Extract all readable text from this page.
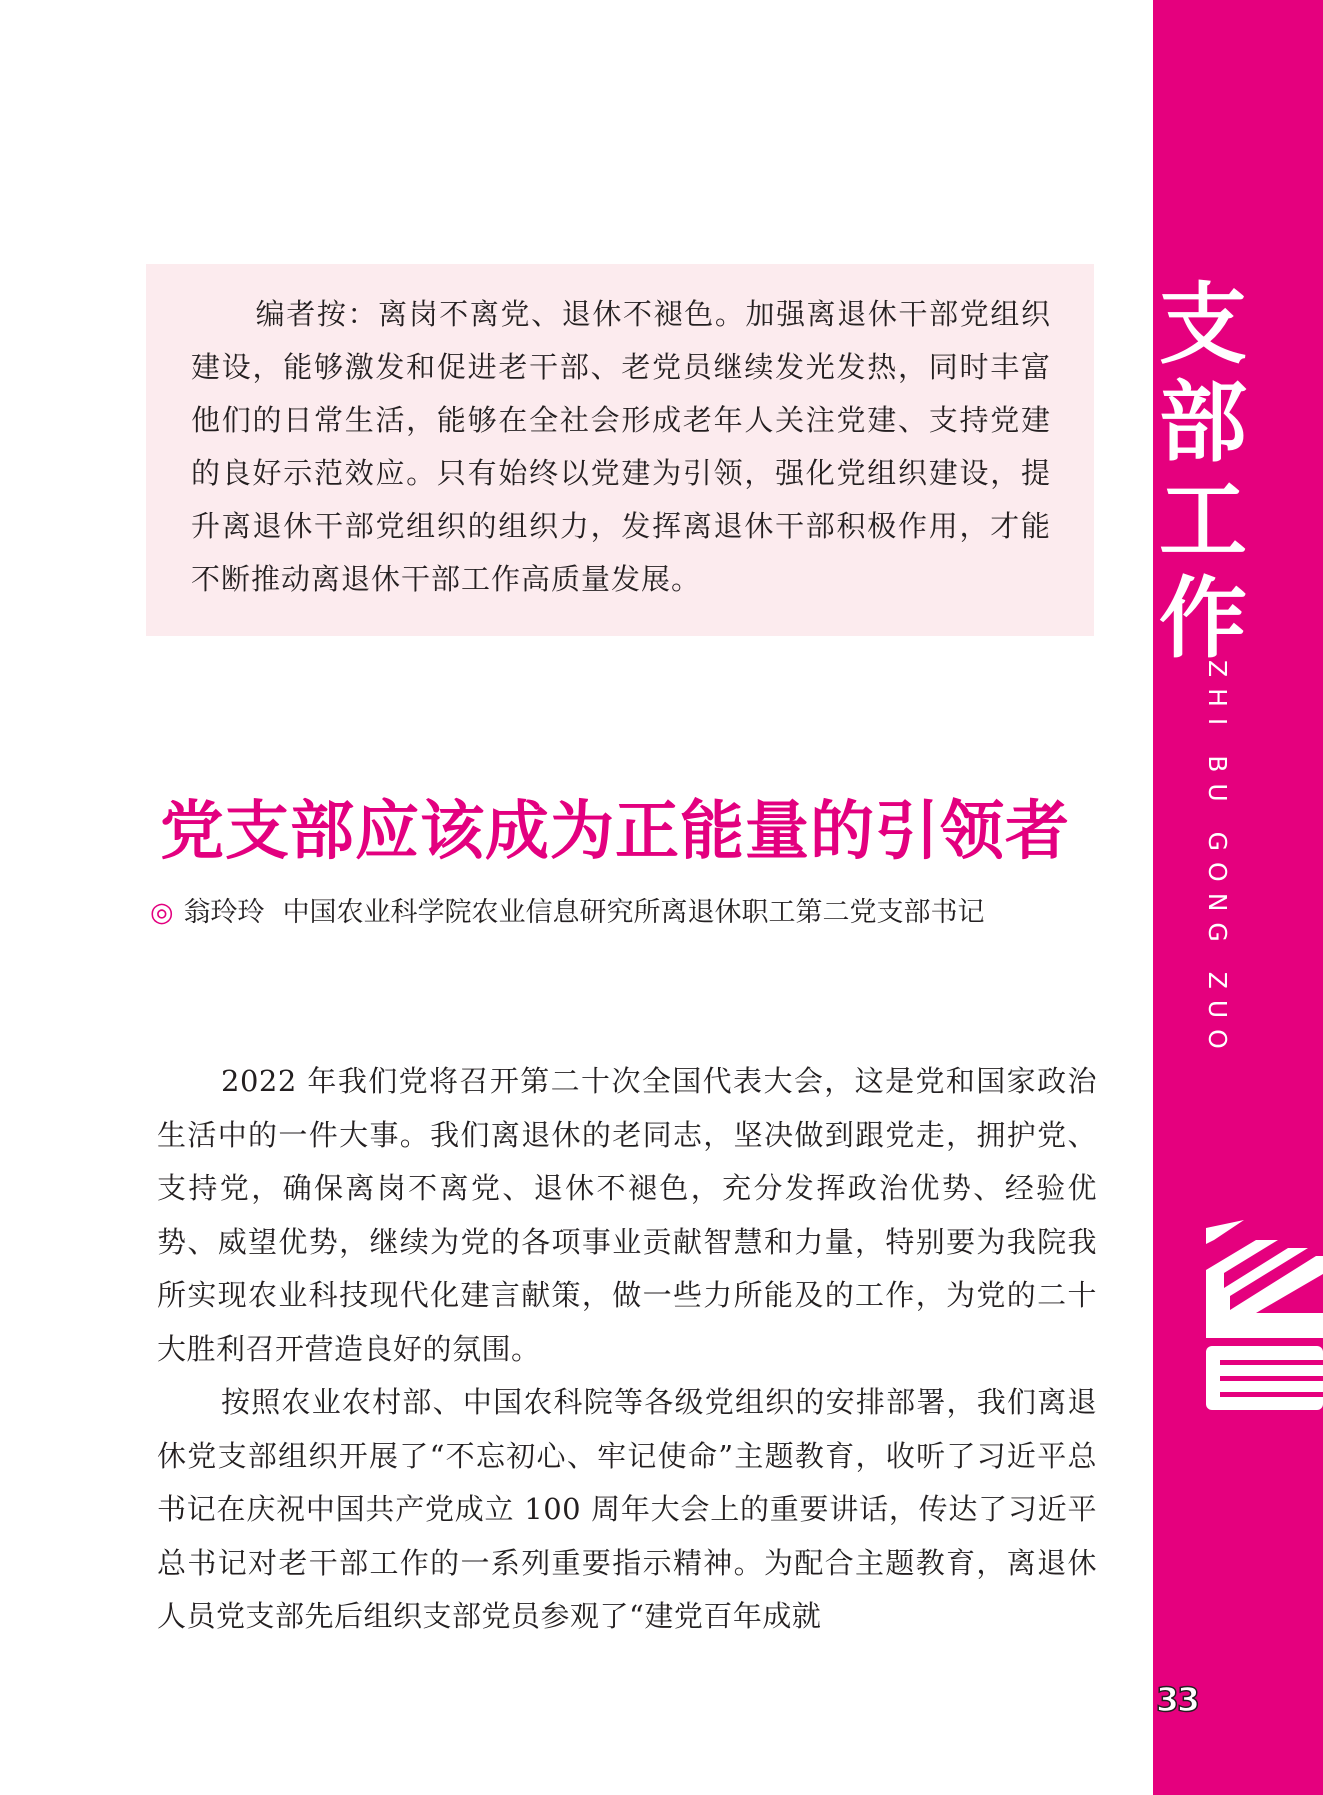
编者按：离岗不离党、退休不褪色。加强离退休干部党组织建设，能够激发和促进老干部、老党员继续发光发热，同时丰富他们的日常生活，能够在全社会形成老年人关注党建、支持党建的良好示范效应。只有始终以党建为引领，强化党组织建设，提升离退休干部党组织的组织力，发挥离退休干部积极作用，才能不断推动离退休干部工作高质量发展。

党支部应该成为正能量的引领者

◎ 翁玲玲 中国农业科学院农业信息研究所离退休职工第二党支部书记

2022 年我们党将召开第二十次全国代表大会，这是党和国家政治生活中的一件大事。我们离退休的老同志，坚决做到跟党走，拥护党、支持党，确保离岗不离党、退休不褪色，充分发挥政治优势、经验优势、威望优势，继续为党的各项事业贡献智慧和力量，特别要为我院我所实现农业科技现代化建言献策，做一些力所能及的工作，为党的二十大胜利召开营造良好的氛围。

按照农业农村部、中国农科院等各级党组织的安排部署，我们离退休党支部组织开展了“不忘初心、牢记使命”主题教育，收听了习近平总书记在庆祝中国共产党成立 100 周年大会上的重要讲话，传达了习近平总书记对老干部工作的一系列重要指示精神。为配合主题教育，离退休人员党支部先后组织支部党员参观了“建党百年成就

支
部
工
作
ZHI BU GONG ZUO
33
